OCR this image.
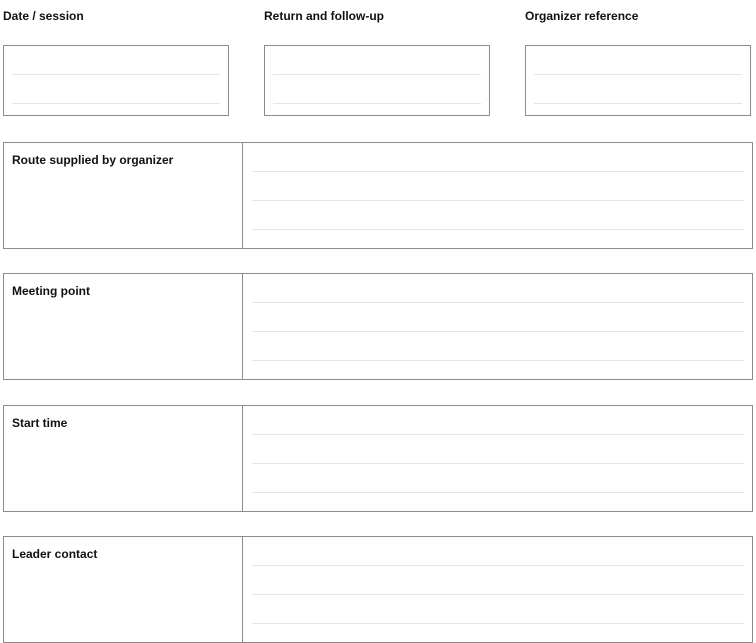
Date / session	Return and follow-up	Organizer reference
Route supplied by organizer
Meeting point
Start time
Leader contact
